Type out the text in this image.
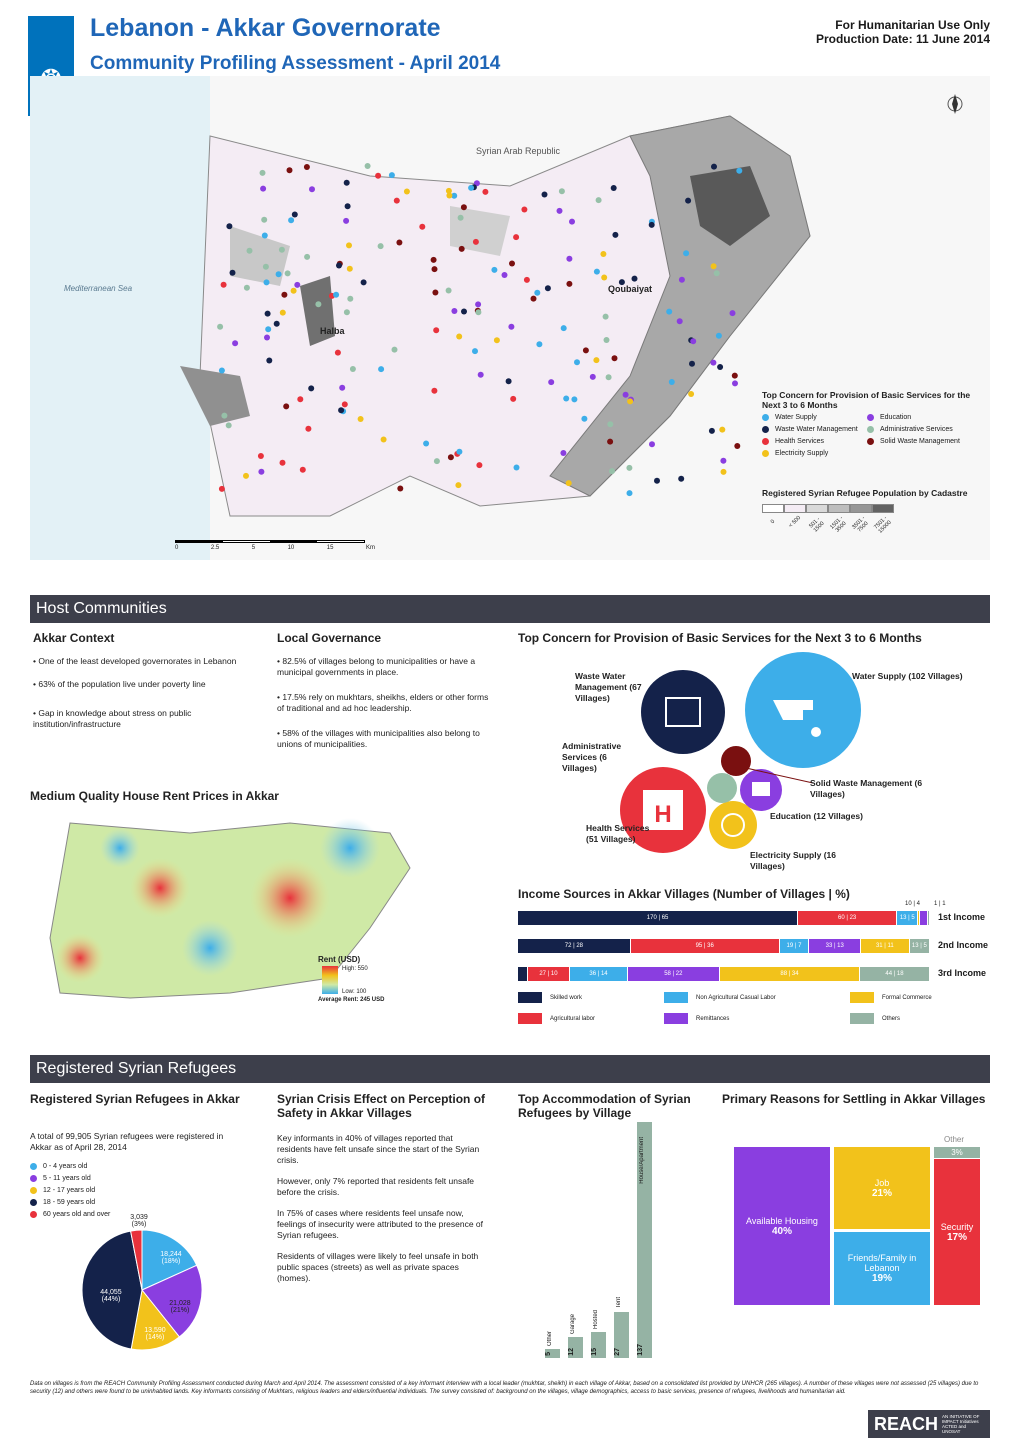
Lebanon - Akkar Governorate
Community Profiling Assessment - April 2014
For Humanitarian Use Only
Production Date: 11 June 2014
Syrian Arab Republic
Mediterranean Sea	Qoubaiyat
Halba
Top Concern for Provision of Basic Services for the Next 3 to 6 Months
Water Supply	Education
Waste Water Management	Administrative Services
Health Services	Solid Waste Management
Electricity Supply
Registered Syrian Refugee Population by Cadastre
0	< 500	501 - 1500 1501 - 3500 3501 - 7500 7501 - 15000
0	2.5	5	10	15	Km
Host Communities
Akkar Context
• One of the least developed governorates in Lebanon
• 63% of the population live under poverty line
• Gap in knowledge about stress on public institution/infrastructure
Local Governance
• 82.5% of villages belong to municipalities or have a municipal governments in place.
• 17.5% rely on mukhtars, sheikhs, elders or other forms of traditional and ad hoc leadership.
• 58% of the villages with municipalities also belong to unions of municipalities.
Top Concern for Provision of Basic Services for the Next 3 to 6 Months
H
Waste Water Management (67 Villages)
Water Supply (102 Villages)
Administrative Services (6 Villages)
Solid Waste Management (6 Villages)
Education (12 Villages)
Health Services (51 Villages)
Electricity Supply (16 Villages)
Medium Quality House Rent Prices in Akkar
Rent (USD)
High: 550
Low: 100
Average Rent: 245 USD
Income Sources in Akkar Villages (Number of Villages | %)
10 | 4 1 | 1
170 | 65	60 | 23	13 | 5	1st Income
72 | 28	95 | 36	19 | 7	33 | 13	31 | 11	13 | 5	2nd Income
27 | 10	36 | 14	58 | 22	88 | 34	44 | 18	3rd Income
Skilled work	Non Agricultural Casual Labor	Formal Commerce
Agricultural labor	Remittances	Others
Registered Syrian Refugees
Registered Syrian Refugees in Akkar
A total of 99,905 Syrian refugees were registered in Akkar as of April 28, 2014
0 - 4 years old
5 - 11 years old
12 - 17 years old
18 - 59 years old
60 years old and over	3,039 (3%)
18,244 (18%)
21,028 (21%)
13,590 (14%)
44,055 (44%)
Syrian Crisis Effect on Perception of Safety in Akkar Villages
Key informants in 40% of villages reported that residents have felt unsafe since the start of the Syrian crisis.
However, only 7% reported that residents felt unsafe before the crisis.
In 75% of cases where residents feel unsafe now, feelings of insecurity were attributed to the presence of Syrian refugees.
Residents of villages were likely to feel unsafe in both public spaces (streets) as well as private spaces (homes).
Top Accommodation of Syrian Refugees by Village
5
Other
12
Garage
15
Hosted
27
Tent
137
House/Apartment
Primary Reasons for Settling in Akkar Villages
Available Housing
40%
Job
21%
Friends/Family in Lebanon
19%
Security
17%
3%
Other
Data on villages is from the REACH Community Profiling Assessment conducted during March and April 2014. The assessment consisted of a key informant interview with a local leader (mukhtar, sheikh) in each village of Akkar, based on a consolidated list provided by UNHCR (265 villages). A number of these villages were not assessed (25 villages) due to security (12) and others were found to be uninhabited lands. Key informants consisting of Mukhtars, religious leaders and elders/influential individuals. The survey consisted of: background on the villages, village demographics, access to basic services, presence of refugees, livelihoods and humanitarian aid.
REACH AN INITIATIVE OF IMPACT Initiatives ACTED and UNOSAT
